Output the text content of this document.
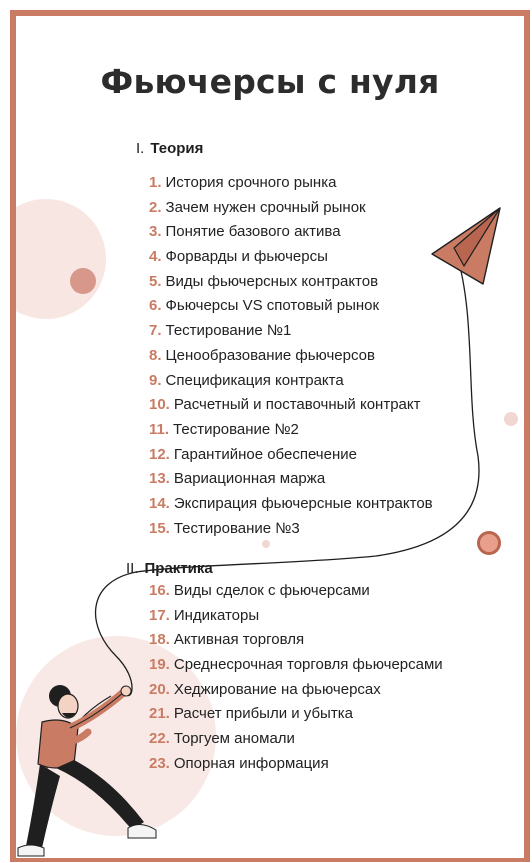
Фьючерсы с нуля
I. Теория
1. История срочного рынка
2. Зачем нужен срочный рынок
3. Понятие базового актива
4. Форварды и фьючерсы
5. Виды фьючерсных контрактов
6. Фьючерсы VS спотовый рынок
7. Тестирование №1
8. Ценообразование фьючерсов
9. Спецификация контракта
10. Расчетный и поставочный контракт
11. Тестирование №2
12. Гарантийное обеспечение
13. Вариационная маржа
14. Экспирация фьючерсные контрактов
15. Тестирование №3
II. Практика
16. Виды сделок с фьючерсами
17. Индикаторы
18. Активная торговля
19. Среднесрочная торговля фьючерсами
20. Хеджирование на фьючерсах
21. Расчет прибыли и убытка
22. Торгуем аномали
23. Опорная информация
